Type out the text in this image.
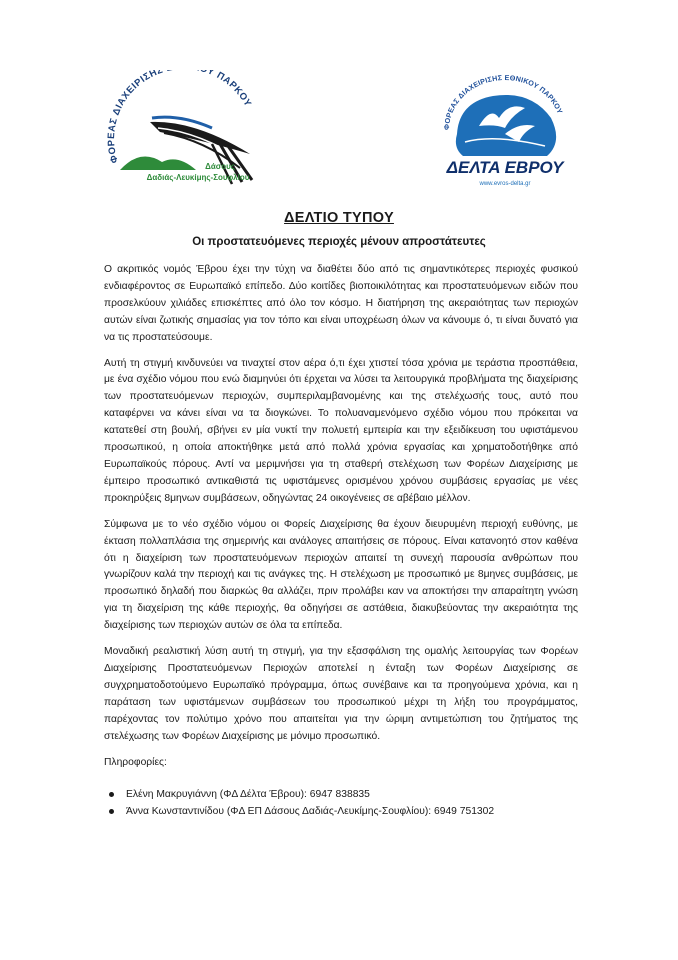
ΦΟΡΕΑΣ ΔΙΑΧΕΙΡΙΣΗΣ Υ ΠΑΡΚΟΥ
Δάσους
Δαδιάς-Λευκίμης-Σουφλίου
ΦΟΡΕΑΣ ΔΙΑΧΕΙΡΙΣΗΣ ΕΘΝΙΚΟΥ ΠΑΡΚΟΥ
ΔΕΛΤΑ ΕΒΡΟΥ
www.evros-delta.gr
ΔΕΛΤΙΟ ΤΥΠΟΥ
Οι προστατευόμενες περιοχές μένουν απροστάτευτες

Ο ακριτικός νομός Έβρου έχει την τύχη να διαθέτει δύο από τις σημαντικότερες περιοχές φυσικού ενδιαφέροντος σε Ευρωπαϊκό επίπεδο. Δύο κοιτίδες βιοποικιλότητας και προστατευόμενων ειδών που προσελκύουν χιλιάδες επισκέπτες από όλο τον κόσμο. Η διατήρηση της ακεραιότητας των περιοχών αυτών είναι ζωτικής σημασίας για τον τόπο και είναι υποχρέωση όλων να κάνουμε ό, τι είναι δυνατό για να τις προστατεύσουμε.

Αυτή τη στιγμή κινδυνεύει να τιναχτεί στον αέρα ό,τι έχει χτιστεί τόσα χρόνια με τεράστια προσπάθεια, με ένα σχέδιο νόμου που ενώ διαμηνύει ότι έρχεται να λύσει τα λειτουργικά προβλήματα της διαχείρισης των προστατευόμενων περιοχών, συμπεριλαμβανομένης και της στελέχωσής τους, αυτό που καταφέρνει να κάνει είναι να τα διογκώνει. Το πολυαναμενόμενο σχέδιο νόμου που πρόκειται να κατατεθεί στη βουλή, σβήνει εν μία νυκτί την πολυετή εμπειρία και την εξειδίκευση του υφιστάμενου προσωπικού, η οποία αποκτήθηκε μετά από πολλά χρόνια εργασίας και χρηματοδοτήθηκε από Ευρωπαϊκούς πόρους. Αντί να μεριμνήσει για τη σταθερή στελέχωση των Φορέων Διαχείρισης με έμπειρο προσωπικό αντικαθιστά τις υφιστάμενες ορισμένου χρόνου συμβάσεις εργασίας με νέες προκηρύξεις 8μηνων συμβάσεων, οδηγώντας 24 οικογένειες σε αβέβαιο μέλλον.

Σύμφωνα με το νέο σχέδιο νόμου οι Φορείς Διαχείρισης θα έχουν διευρυμένη περιοχή ευθύνης, με έκταση πολλαπλάσια της σημερινής και ανάλογες απαιτήσεις σε πόρους. Είναι κατανοητό στον καθένα ότι η διαχείριση των προστατευόμενων περιοχών απαιτεί τη συνεχή παρουσία ανθρώπων που γνωρίζουν καλά την περιοχή και τις ανάγκες της. Η στελέχωση με προσωπικό με 8μηνες συμβάσεις, με προσωπικό δηλαδή που διαρκώς θα αλλάζει, πριν προλάβει καν να αποκτήσει την απαραίτητη γνώση για τη διαχείριση της κάθε περιοχής, θα οδηγήσει σε αστάθεια, διακυβεύοντας την ακεραιότητα της διαχείρισης των περιοχών αυτών σε όλα τα επίπεδα.

Μοναδική ρεαλιστική λύση αυτή τη στιγμή, για την εξασφάλιση της ομαλής λειτουργίας των Φορέων Διαχείρισης Προστατευόμενων Περιοχών αποτελεί η ένταξη των Φορέων Διαχείρισης σε συγχρηματοδοτούμενο Ευρωπαϊκό πρόγραμμα, όπως συνέβαινε και τα προηγούμενα χρόνια, και η παράταση των υφιστάμενων συμβάσεων του προσωπικού μέχρι τη λήξη του προγράμματος, παρέχοντας τον πολύτιμο χρόνο που απαιτείται για την ώριμη αντιμετώπιση του ζητήματος της στελέχωσης των Φορέων Διαχείρισης με μόνιμο προσωπικό.

Πληροφορίες:

Ελένη Μακρυγιάννη (ΦΔ Δέλτα Έβρου): 6947 838835
Άννα Κωνσταντινίδου (ΦΔ ΕΠ Δάσους Δαδιάς-Λευκίμης-Σουφλίου): 6949 751302
